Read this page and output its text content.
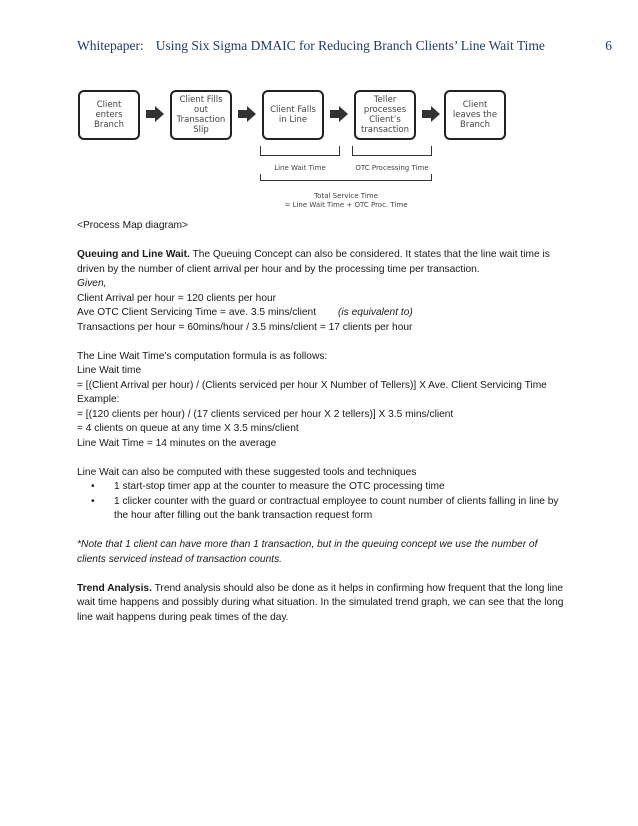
Whitepaper: Using Six Sigma DMAIC for Reducing Branch Clients’ Line Wait Time	6
Client enters Branch
Client Fills out Transaction Slip
Client Falls in Line
Teller processes Client’s transaction
Client leaves the Branch
Line Wait Time	OTC Processing Time
Total Service Time
= Line Wait Time + OTC Proc. Time

<Process Map diagram>

Queuing and Line Wait. The Queuing Concept can also be considered. It states that the line wait time is driven by the number of client arrival per hour and by the processing time per transaction.

Given,

Client Arrival per hour = 120 clients per hour

Ave OTC Client Servicing Time = ave. 3.5 mins/client (is equivalent to)

Transactions per hour = 60mins/hour / 3.5 mins/client = 17 clients per hour

The Line Wait Time’s computation formula is as follows:

Line Wait time

= [(Client Arrival per hour) / (Clients serviced per hour X Number of Tellers)] X Ave. Client Servicing Time

Example:

= [(120 clients per hour) / (17 clients serviced per hour X 2 tellers)] X 3.5 mins/client

= 4 clients on queue at any time X 3.5 mins/client

Line Wait Time = 14 minutes on the average

Line Wait can also be computed with these suggested tools and techniques

• 1 start-stop timer app at the counter to measure the OTC processing time
• 1 clicker counter with the guard or contractual employee to count number of clients falling in line by the hour after filling out the bank transaction request form

*Note that 1 client can have more than 1 transaction, but in the queuing concept we use the number of clients serviced instead of transaction counts.

Trend Analysis. Trend analysis should also be done as it helps in confirming how frequent that the long line wait time happens and possibly during what situation. In the simulated trend graph, we can see that the long line wait happens during peak times of the day.
